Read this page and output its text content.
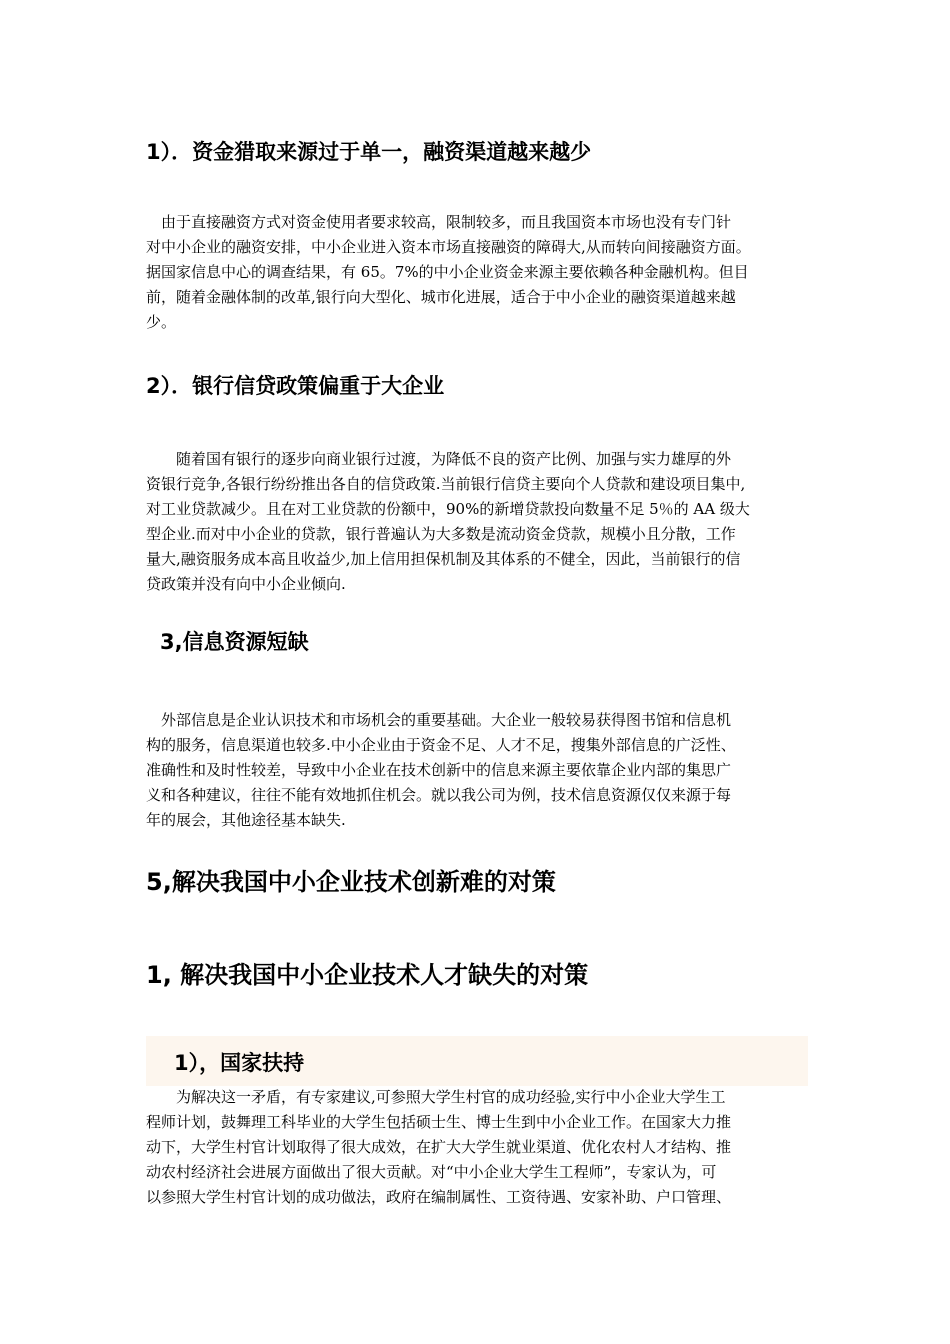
1）．资金猎取来源过于单一，融资渠道越来越少
　由于直接融资方式对资金使用者要求较高，限制较多，而且我国资本市场也没有专门针
对中小企业的融资安排，中小企业进入资本市场直接融资的障碍大,从而转向间接融资方面。
据国家信息中心的调查结果，有 65。7%的中小企业资金来源主要依赖各种金融机构。但目
前，随着金融体制的改革,银行向大型化、城市化进展，适合于中小企业的融资渠道越来越
少。
2）．银行信贷政策偏重于大企业
　　随着国有银行的逐步向商业银行过渡，为降低不良的资产比例、加强与实力雄厚的外
资银行竞争,各银行纷纷推出各自的信贷政策.当前银行信贷主要向个人贷款和建设项目集中,
对工业贷款减少。且在对工业贷款的份额中，90%的新增贷款投向数量不足 5％的 AA 级大
型企业.而对中小企业的贷款，银行普遍认为大多数是流动资金贷款，规模小且分散，工作
量大,融资服务成本高且收益少,加上信用担保机制及其体系的不健全，因此，当前银行的信
贷政策并没有向中小企业倾向.
3,信息资源短缺
　外部信息是企业认识技术和市场机会的重要基础。大企业一般较易获得图书馆和信息机
构的服务，信息渠道也较多.中小企业由于资金不足、人才不足，搜集外部信息的广泛性、
准确性和及时性较差，导致中小企业在技术创新中的信息来源主要依靠企业内部的集思广
义和各种建议，往往不能有效地抓住机会。就以我公司为例，技术信息资源仅仅来源于每
年的展会，其他途径基本缺失.
5,解决我国中小企业技术创新难的对策
1, 解决我国中小企业技术人才缺失的对策
1），国家扶持
　　为解决这一矛盾，有专家建议,可参照大学生村官的成功经验,实行中小企业大学生工
程师计划，鼓舞理工科毕业的大学生包括硕士生、博士生到中小企业工作。在国家大力推
动下，大学生村官计划取得了很大成效，在扩大大学生就业渠道、优化农村人才结构、推
动农村经济社会进展方面做出了很大贡献。对“中小企业大学生工程师”，专家认为，可
以参照大学生村官计划的成功做法，政府在编制属性、工资待遇、安家补助、户口管理、
